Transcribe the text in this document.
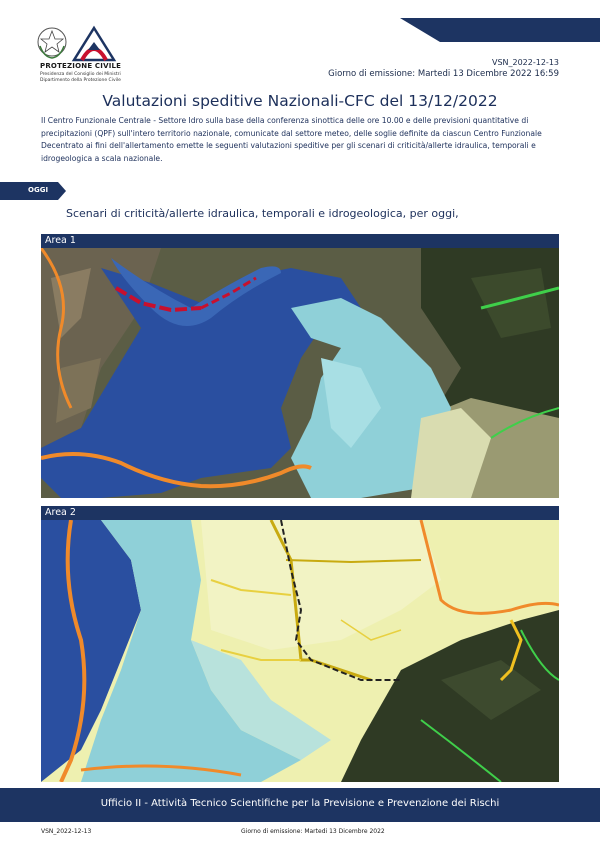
PROTEZIONE CIVILE
Presidenza del Consiglio dei Ministri
Dipartimento della Protezione Civile
VSN_2022-12-13
Giorno di emissione: Martedi 13 Dicembre 2022 16:59
Valutazioni speditive Nazionali-CFC del 13/12/2022
Il Centro Funzionale Centrale - Settore Idro sulla base della conferenza sinottica delle ore 10.00 e delle previsioni quantitative di precipitazioni (QPF) sull'intero territorio nazionale, comunicate dal settore meteo, delle soglie definite da ciascun Centro Funzionale Decentrato ai fini dell'allertamento emette le seguenti valutazioni speditive per gli scenari di criticità/allerte idraulica, temporali e idrogeologica a scala nazionale.
OGGI
Scenari di criticità/allerte idraulica, temporali e idrogeologica, per oggi,
Area 1
Area 2
Ufficio II - Attività Tecnico Scientifiche per la Previsione e Prevenzione dei Rischi
VSN_2022-12-13	Giorno di emissione: Martedi 13 Dicembre 2022
